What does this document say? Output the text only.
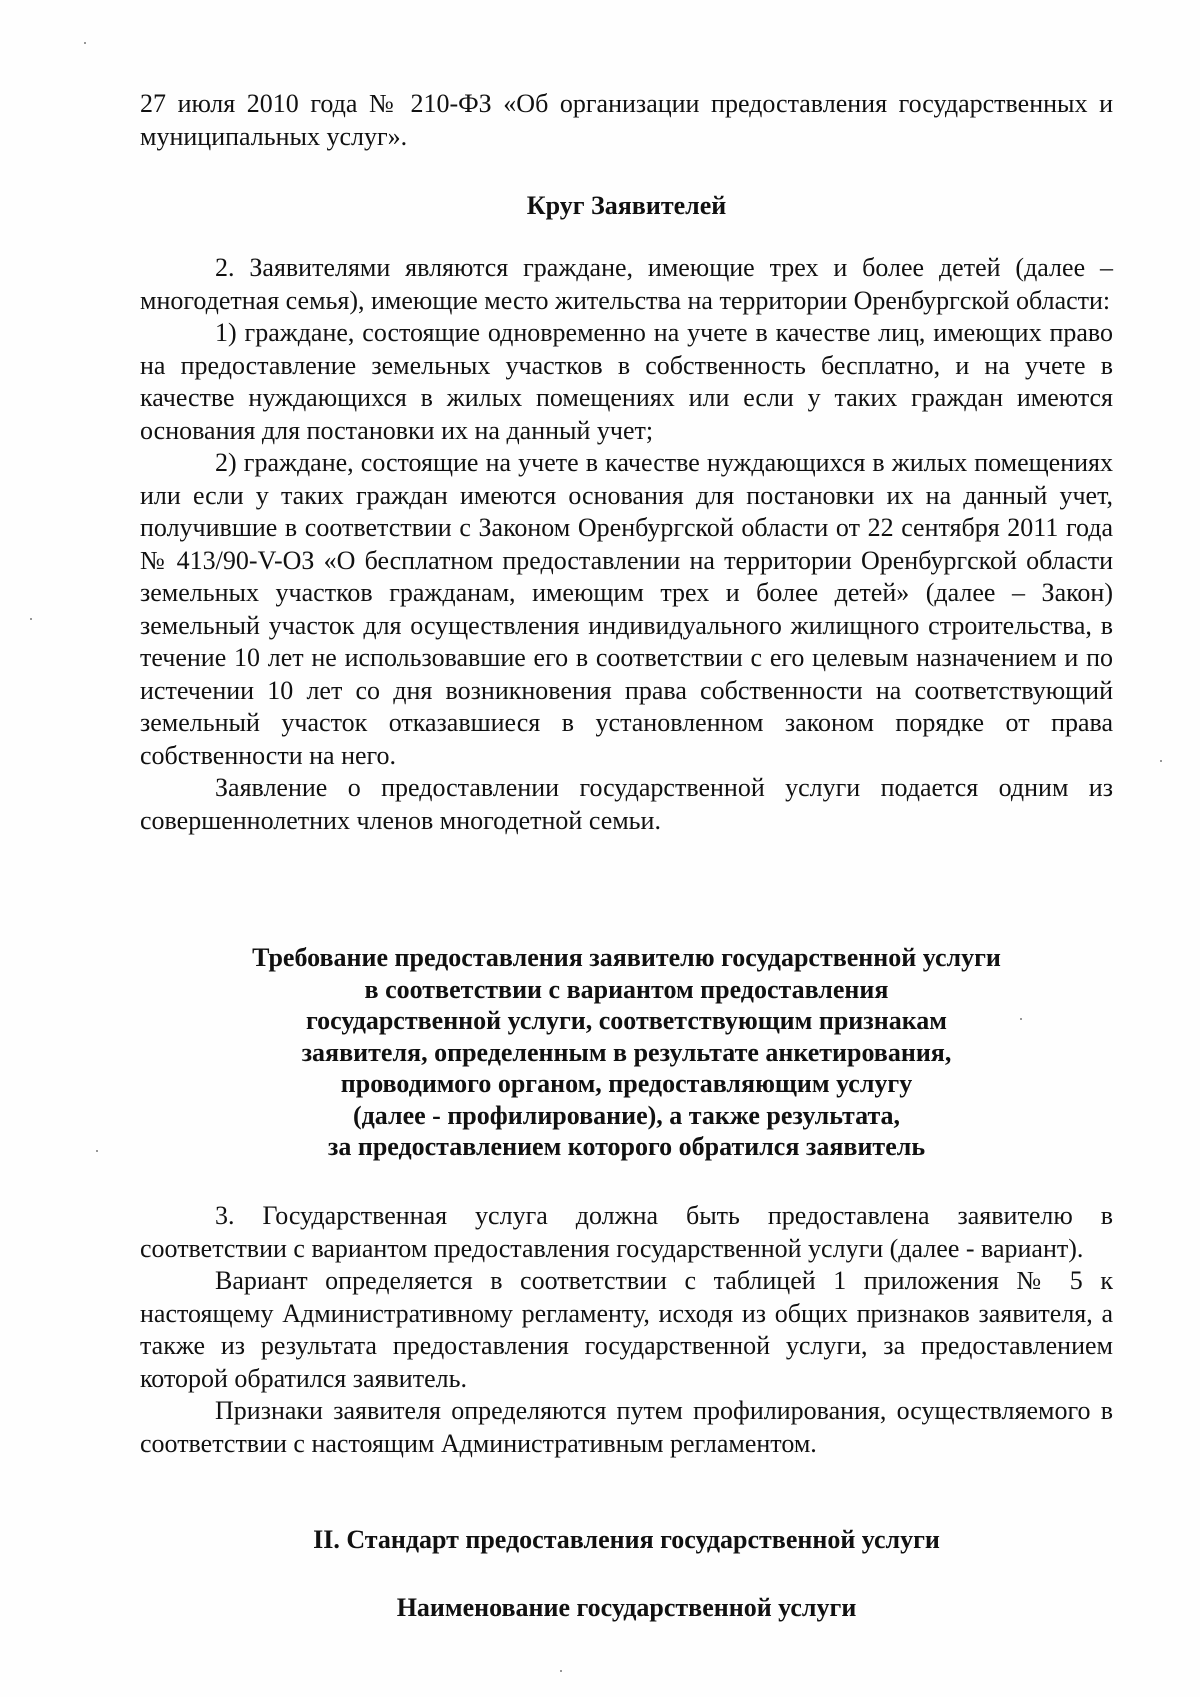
27 июля 2010 года № 210-ФЗ «Об организации предоставления государственных и муниципальных услуг».

Круг Заявителей

2. Заявителями являются граждане, имеющие трех и более детей (далее – многодетная семья), имеющие место жительства на территории Оренбургской области:

1) граждане, состоящие одновременно на учете в качестве лиц, имеющих право на предоставление земельных участков в собственность бесплатно, и на учете в качестве нуждающихся в жилых помещениях или если у таких граждан имеются основания для постановки их на данный учет;

2) граждане, состоящие на учете в качестве нуждающихся в жилых помещениях или если у таких граждан имеются основания для постановки их на данный учет, получившие в соответствии с Законом Оренбургской области от 22 сентября 2011 года № 413/90-V-ОЗ «О бесплатном предоставлении на территории Оренбургской области земельных участков гражданам, имеющим трех и более детей» (далее – Закон) земельный участок для осуществления индивидуального жилищного строительства, в течение 10 лет не использовавшие его в соответствии с его целевым назначением и по истечении 10 лет со дня возникновения права собственности на соответствующий земельный участок отказавшиеся в установленном законом порядке от права собственности на него.

Заявление о предоставлении государственной услуги подается одним из совершеннолетних членов многодетной семьи.

Требование предоставления заявителю государственной услуги
в соответствии с вариантом предоставления
государственной услуги, соответствующим признакам
заявителя, определенным в результате анкетирования,
проводимого органом, предоставляющим услугу
(далее - профилирование), а также результата,
за предоставлением которого обратился заявитель

3. Государственная услуга должна быть предоставлена заявителю в соответствии с вариантом предоставления государственной услуги (далее - вариант).

Вариант определяется в соответствии с таблицей 1 приложения № 5 к настоящему Административному регламенту, исходя из общих признаков заявителя, а также из результата предоставления государственной услуги, за предоставлением которой обратился заявитель.

Признаки заявителя определяются путем профилирования, осуществляемого в соответствии с настоящим Административным регламентом.

II. Стандарт предоставления государственной услуги
Наименование государственной услуги
